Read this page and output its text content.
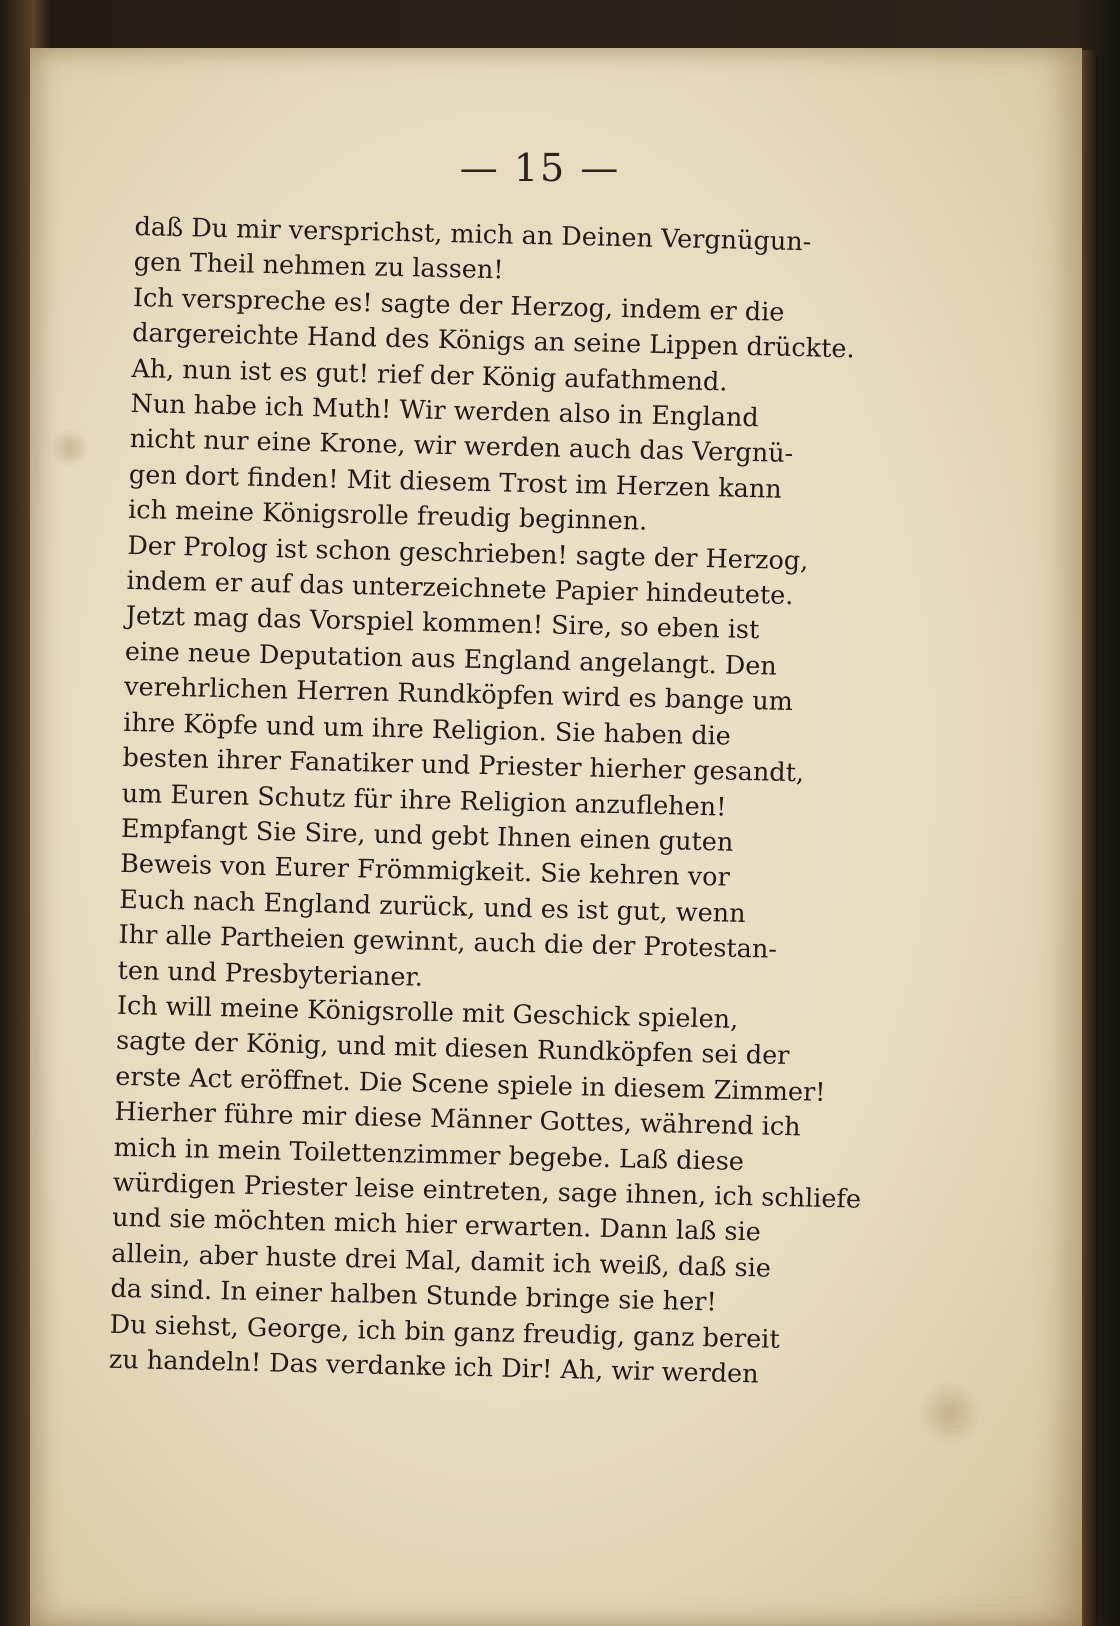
— 15 —

daß Du mir versprichst, mich an Deinen Vergnügun-
gen Theil nehmen zu lassen!

Ich verspreche es! sagte der Herzog, indem er die
dargereichte Hand des Königs an seine Lippen drückte.

Ah, nun ist es gut! rief der König aufathmend.
Nun habe ich Muth! Wir werden also in England
nicht nur eine Krone, wir werden auch das Vergnü-
gen dort finden! Mit diesem Trost im Herzen kann
ich meine Königsrolle freudig beginnen.

Der Prolog ist schon geschrieben! sagte der Herzog,
indem er auf das unterzeichnete Papier hindeutete.
Jetzt mag das Vorspiel kommen! Sire, so eben ist
eine neue Deputation aus England angelangt. Den
verehrlichen Herren Rundköpfen wird es bange um
ihre Köpfe und um ihre Religion. Sie haben die
besten ihrer Fanatiker und Priester hierher gesandt,
um Euren Schutz für ihre Religion anzuflehen!
Empfangt Sie Sire, und gebt Ihnen einen guten
Beweis von Eurer Frömmigkeit. Sie kehren vor
Euch nach England zurück, und es ist gut, wenn
Ihr alle Partheien gewinnt, auch die der Protestan-
ten und Presbyterianer.

Ich will meine Königsrolle mit Geschick spielen,
sagte der König, und mit diesen Rundköpfen sei der
erste Act eröffnet. Die Scene spiele in diesem Zimmer!
Hierher führe mir diese Männer Gottes, während ich
mich in mein Toilettenzimmer begebe. Laß diese
würdigen Priester leise eintreten, sage ihnen, ich schliefe
und sie möchten mich hier erwarten. Dann laß sie
allein, aber huste drei Mal, damit ich weiß, daß sie
da sind. In einer halben Stunde bringe sie her!
Du siehst, George, ich bin ganz freudig, ganz bereit
zu handeln! Das verdanke ich Dir! Ah, wir werden
